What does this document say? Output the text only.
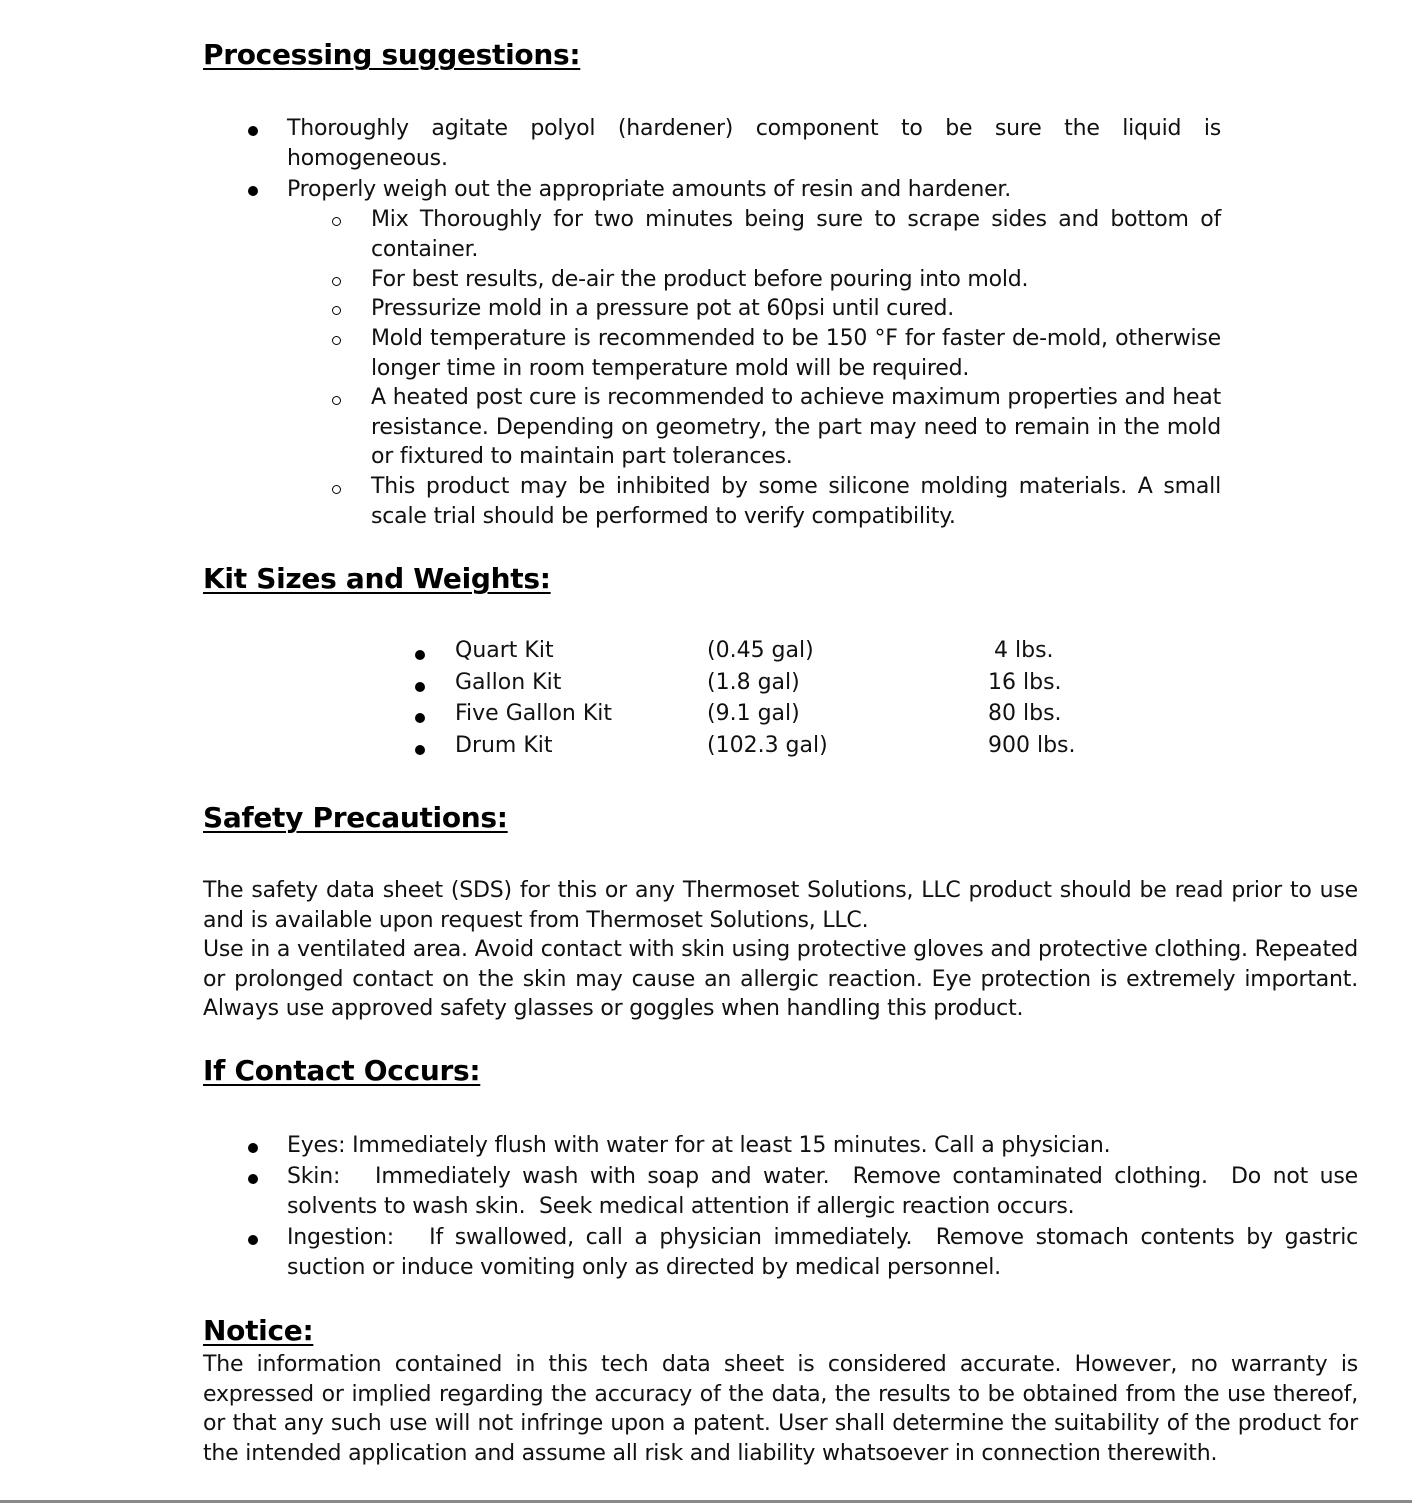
Processing suggestions:
Thoroughly agitate polyol (hardener) component to be sure the liquid is homogeneous.
Properly weigh out the appropriate amounts of resin and hardener.
Mix Thoroughly for two minutes being sure to scrape sides and bottom of container.
For best results, de-air the product before pouring into mold.
Pressurize mold in a pressure pot at 60psi until cured.
Mold temperature is recommended to be 150 °F for faster de-mold, otherwise longer time in room temperature mold will be required.
A heated post cure is recommended to achieve maximum properties and heat resistance. Depending on geometry, the part may need to remain in the mold or fixtured to maintain part tolerances.
This product may be inhibited by some silicone molding materials. A small scale trial should be performed to verify compatibility.
Kit Sizes and Weights:
Quart Kit	(0.45 gal)	4 lbs.
Gallon Kit	(1.8 gal)	16 lbs.
Five Gallon Kit	(9.1 gal)	80 lbs.
Drum Kit	(102.3 gal)	900 lbs.
Safety Precautions:
The safety data sheet (SDS) for this or any Thermoset Solutions, LLC product should be read prior to use and is available upon request from Thermoset Solutions, LLC.
Use in a ventilated area. Avoid contact with skin using protective gloves and protective clothing. Repeated or prolonged contact on the skin may cause an allergic reaction. Eye protection is extremely important. Always use approved safety glasses or goggles when handling this product.
If Contact Occurs:
Eyes: Immediately flush with water for at least 15 minutes. Call a physician.
Skin:   Immediately wash with soap and water.  Remove contaminated clothing.  Do not use solvents to wash skin.  Seek medical attention if allergic reaction occurs.
Ingestion:   If swallowed, call a physician immediately.  Remove stomach contents by gastric suction or induce vomiting only as directed by medical personnel.
Notice:
The information contained in this tech data sheet is considered accurate. However, no warranty is expressed or implied regarding the accuracy of the data, the results to be obtained from the use thereof, or that any such use will not infringe upon a patent. User shall determine the suitability of the product for the intended application and assume all risk and liability whatsoever in connection therewith.
